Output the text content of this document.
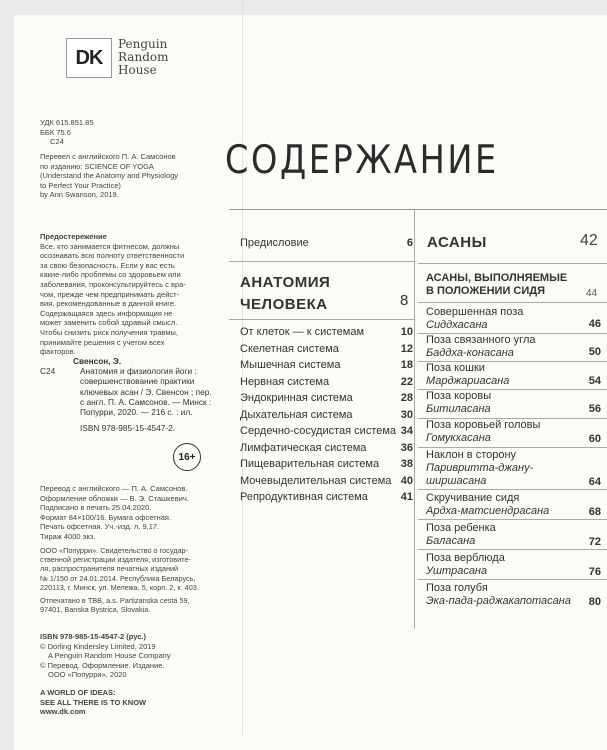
DK
Penguin
Random
House
УДК 615.851.85
ББК 75.6
C24
Перевел с английского П. А. Самсонов
по изданию: SCIENCE OF YOGA
(Understand the Anatomy and Physiology
to Perfect Your Practice)
by Ann Swanson, 2019.
Предостережение
Все, кто занимается фитнесом, должны
осознавать всю полноту ответственности
за свою безопасность. Если у вас есть
какие-либо проблемы со здоровьем или
заболевания, проконсультируйтесь с вра-
чом, прежде чем предпринимать дейст-
вия, рекомендованные в данной книге.
Содержащаяся здесь информация не
может заменить собой здравый смысл.
Чтобы снизить риск получения травмы,
принимайте решения с учетом всех
факторов.
Свенсон, Э.
C24	Анатомия и физиология йоги :
совершенствование практики
ключевых асан / Э. Свенсон ; пер.
с англ. П. А. Самсонов. — Минск :
Попурри, 2020. — 216 с. : ил.
ISBN 978-985-15-4547-2.
16+
Перевод с английского — П. А. Самсонов.
Оформление обложки — В. Э. Сташкевич.
Подписано в печать 25.04.2020.
Формат 84×100/16. Бумага офсетная.
Печать офсетная. Уч.-изд. л. 9,17.
Тираж 4000 экз.
ООО «Попурри». Свидетельство о государ-
ственной регистрации издателя, изготовите-
ля, распространителя печатных изданий
№ 1/150 от 24.01.2014. Республика Беларусь,
220113, г. Минск, ул. Мележа, 5, корп. 2, к. 403.
Отпечатано в TBB, a.s. Partizanska cesta 59,
97401, Banska Bystrica, Slovakia.
ISBN 978-985-15-4547-2 (рус.)
© Dorling Kindersley Limited, 2019
A Penguin Random House Company
© Перевод. Оформление. Издание.
ООО «Попурри», 2020
A WORLD OF IDEAS:
SEE ALL THERE IS TO KNOW
www.dk.com
СОДЕРЖАНИЕ
Предисловие	6
АНАТОМИЯ
ЧЕЛОВЕКА	8
От клеток — к системам	10
Скелетная система	12
Мышечная система	18
Нервная система	22
Эндокринная система	28
Дыхательная система	30
Сердечно-сосудистая система 34
Лимфатическая система	36
Пищеварительная система 38
Мочевыделительная система 40
Репродуктивная система	41
АСАНЫ	42
АСАНЫ, ВЫПОЛНЯЕМЫЕ
В ПОЛОЖЕНИИ СИДЯ	44
Совершенная поза
Сиддхасана	46
Поза связанного угла
Баддха-конасана	50
Поза кошки
Марджариасана	54
Поза коровы
Битиласана	56
Поза коровьей головы
Гомукхасана	60
Наклон в сторону
Паривритта-джану-
ширшасана	64
Скручивание сидя
Ардха-матсиендрасана	68
Поза ребенка
Баласана	72
Поза верблюда
Уштрасана	76
Поза голубя
Эка-пада-раджакапотасана	80
